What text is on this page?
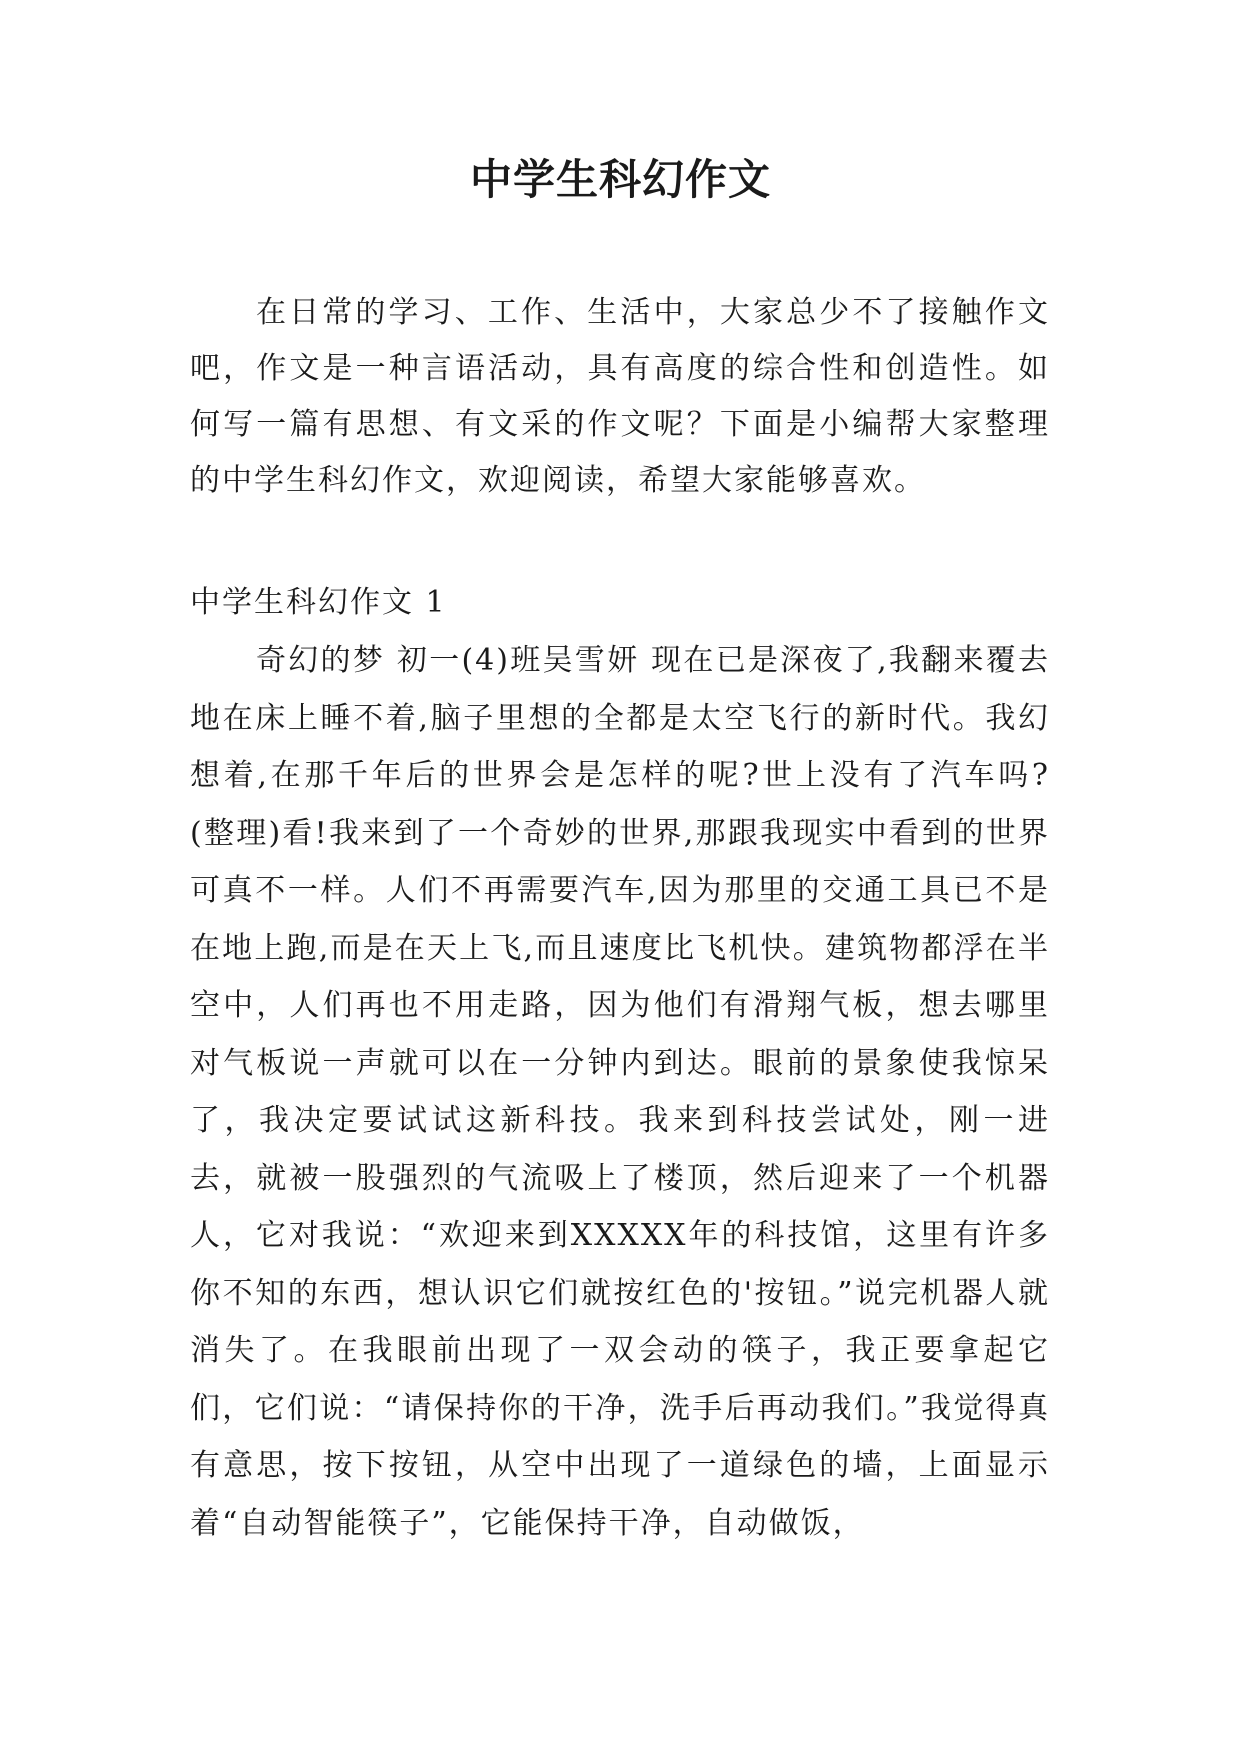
中学生科幻作文

在日常的学习、工作、生活中，大家总少不了接触作文吧，作文是一种言语活动，具有高度的综合性和创造性。如何写一篇有思想、有文采的作文呢？下面是小编帮大家整理的中学生科幻作文，欢迎阅读，希望大家能够喜欢。

中学生科幻作文 1

奇幻的梦 初一(4)班吴雪妍 现在已是深夜了,我翻来覆去地在床上睡不着,脑子里想的全都是太空飞行的新时代。我幻想着,在那千年后的世界会是怎样的呢?世上没有了汽车吗? (整理)看!我来到了一个奇妙的世界,那跟我现实中看到的世界可真不一样。人们不再需要汽车,因为那里的交通工具已不是在地上跑,而是在天上飞,而且速度比飞机快。建筑物都浮在半空中，人们再也不用走路，因为他们有滑翔气板，想去哪里对气板说一声就可以在一分钟内到达。眼前的景象使我惊呆了，我决定要试试这新科技。我来到科技尝试处，刚一进去，就被一股强烈的气流吸上了楼顶，然后迎来了一个机器人，它对我说：“欢迎来到XXXXX年的科技馆，这里有许多你不知的东西，想认识它们就按红色的'按钮。”说完机器人就消失了。在我眼前出现了一双会动的筷子，我正要拿起它们，它们说：“请保持你的干净，洗手后再动我们。”我觉得真有意思，按下按钮，从空中出现了一道绿色的墙，上面显示着“自动智能筷子”，它能保持干净，自动做饭，
